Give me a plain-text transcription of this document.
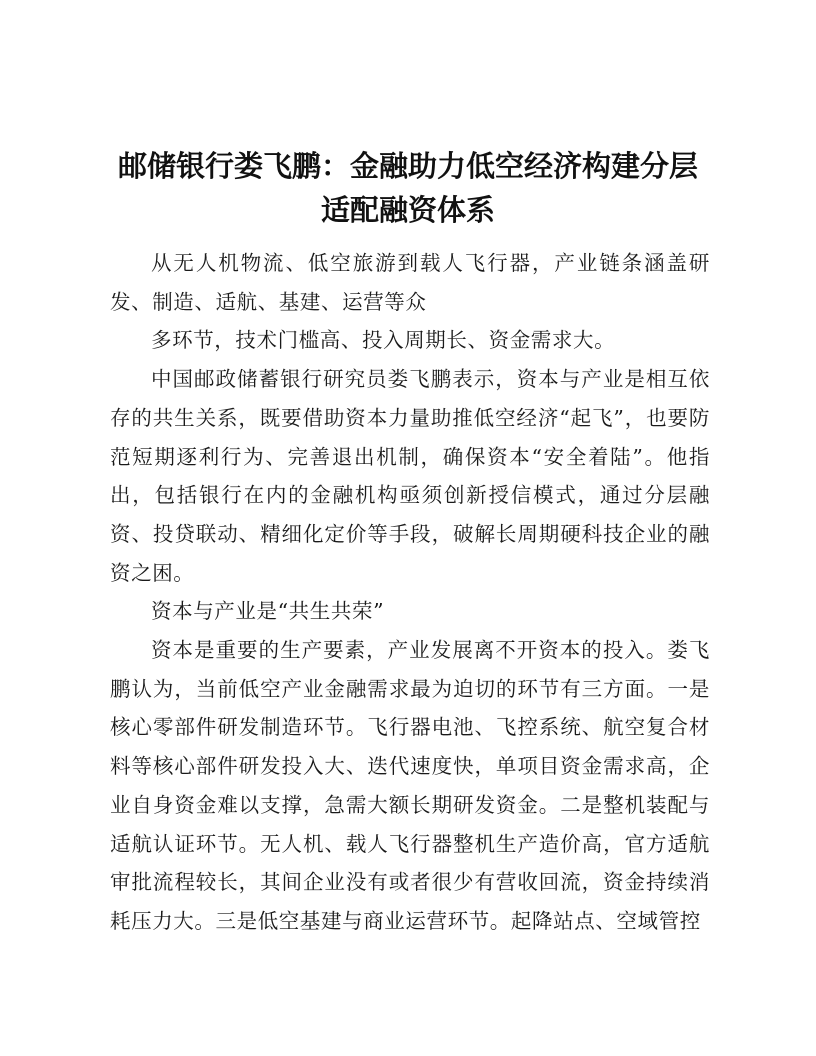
邮储银行娄飞鹏：金融助力低空经济构建分层
适配融资体系

从无人机物流、低空旅游到载人飞行器，产业链条涵盖研发、制造、适航、基建、运营等众

多环节，技术门槛高、投入周期长、资金需求大。

中国邮政储蓄银行研究员娄飞鹏表示，资本与产业是相互依存的共生关系，既要借助资本力量助推低空经济“起飞”，也要防范短期逐利行为、完善退出机制，确保资本“安全着陆”。他指出，包括银行在内的金融机构亟须创新授信模式，通过分层融资、投贷联动、精细化定价等手段，破解长周期硬科技企业的融资之困。

资本与产业是“共生共荣”

资本是重要的生产要素，产业发展离不开资本的投入。娄飞鹏认为，当前低空产业金融需求最为迫切的环节有三方面。一是核心零部件研发制造环节。飞行器电池、飞控系统、航空复合材料等核心部件研发投入大、迭代速度快，单项目资金需求高，企业自身资金难以支撑，急需大额长期研发资金。二是整机装配与适航认证环节。无人机、载人飞行器整机生产造价高，官方适航审批流程较长，其间企业没有或者很少有营收回流，资金持续消耗压力大。三是低空基建与商业运营环节。起降站点、空域管控
